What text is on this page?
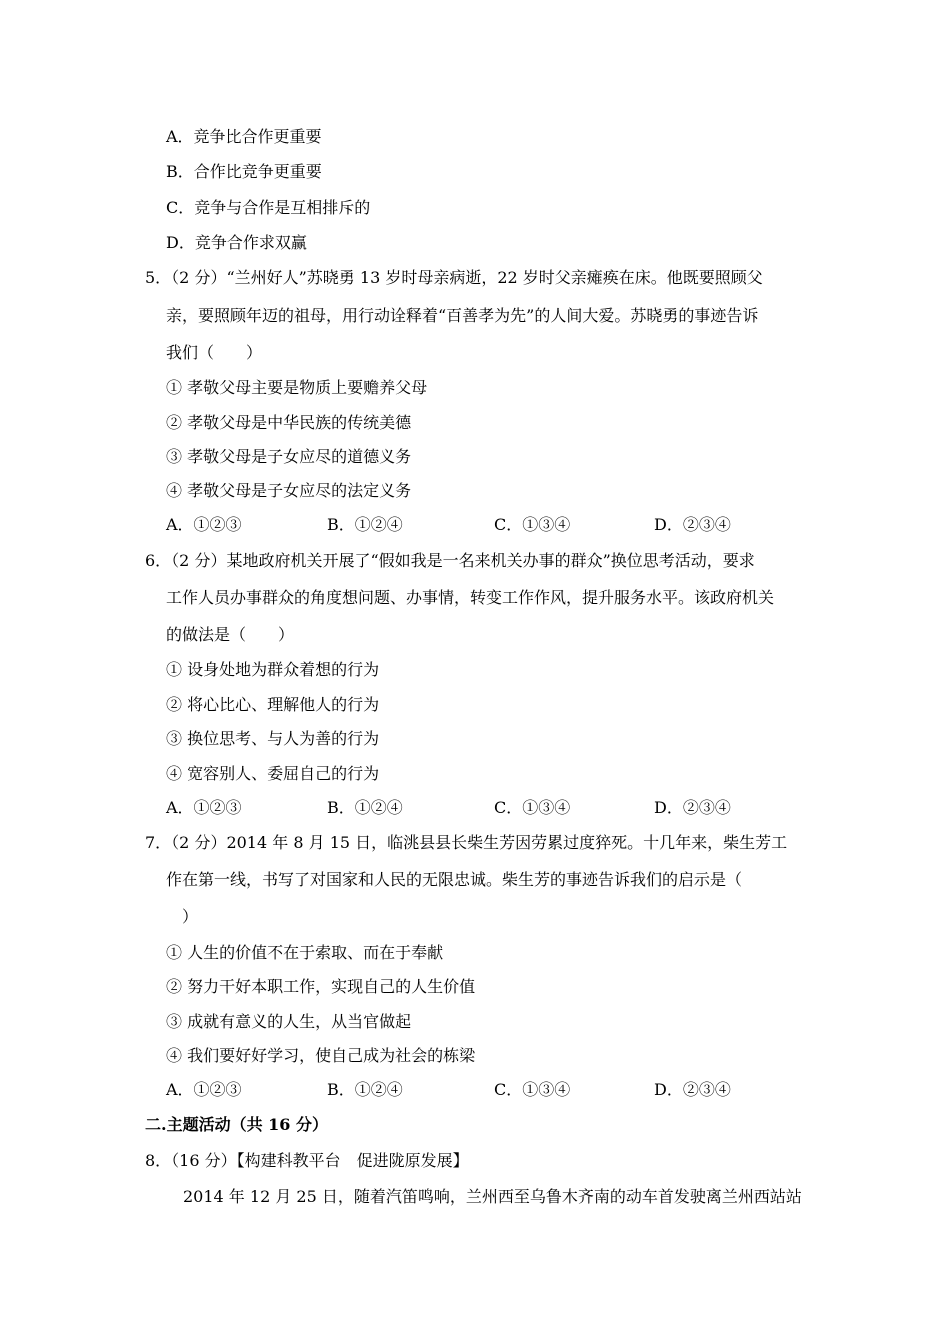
A．竞争比合作更重要
B．合作比竞争更重要
C．竞争与合作是互相排斥的
D．竞争合作求双赢
5．（2 分）“兰州好人”苏晓勇 13 岁时母亲病逝，22 岁时父亲瘫痪在床。他既要照顾父
亲，要照顾年迈的祖母，用行动诠释着“百善孝为先”的人间大爱。苏晓勇的事迹告诉
我们（　　）
① 孝敬父母主要是物质上要赡养父母
② 孝敬父母是中华民族的传统美德
③ 孝敬父母是子女应尽的道德义务
④ 孝敬父母是子女应尽的法定义务
A．①②③	B．①②④	C．①③④	D．②③④
6．（2 分）某地政府机关开展了“假如我是一名来机关办事的群众”换位思考活动，要求
工作人员办事群众的角度想问题、办事情，转变工作作风，提升服务水平。该政府机关
的做法是（　　）
① 设身处地为群众着想的行为
② 将心比心、理解他人的行为
③ 换位思考、与人为善的行为
④ 宽容别人、委屈自己的行为
A．①②③	B．①②④	C．①③④	D．②③④
7．（2 分）2014 年 8 月 15 日，临洮县县长柴生芳因劳累过度猝死。十几年来，柴生芳工
作在第一线，书写了对国家和人民的无限忠诚。柴生芳的事迹告诉我们的启示是（
　）
① 人生的价值不在于索取、而在于奉献
② 努力干好本职工作，实现自己的人生价值
③ 成就有意义的人生，从当官做起
④ 我们要好好学习，使自己成为社会的栋梁
A．①②③	B．①②④	C．①③④	D．②③④
二.主题活动（共 16 分）
8．（16 分）【构建科教平台　促进陇原发展】
2014 年 12 月 25 日，随着汽笛鸣响，兰州西至乌鲁木齐南的动车首发驶离兰州西站站
